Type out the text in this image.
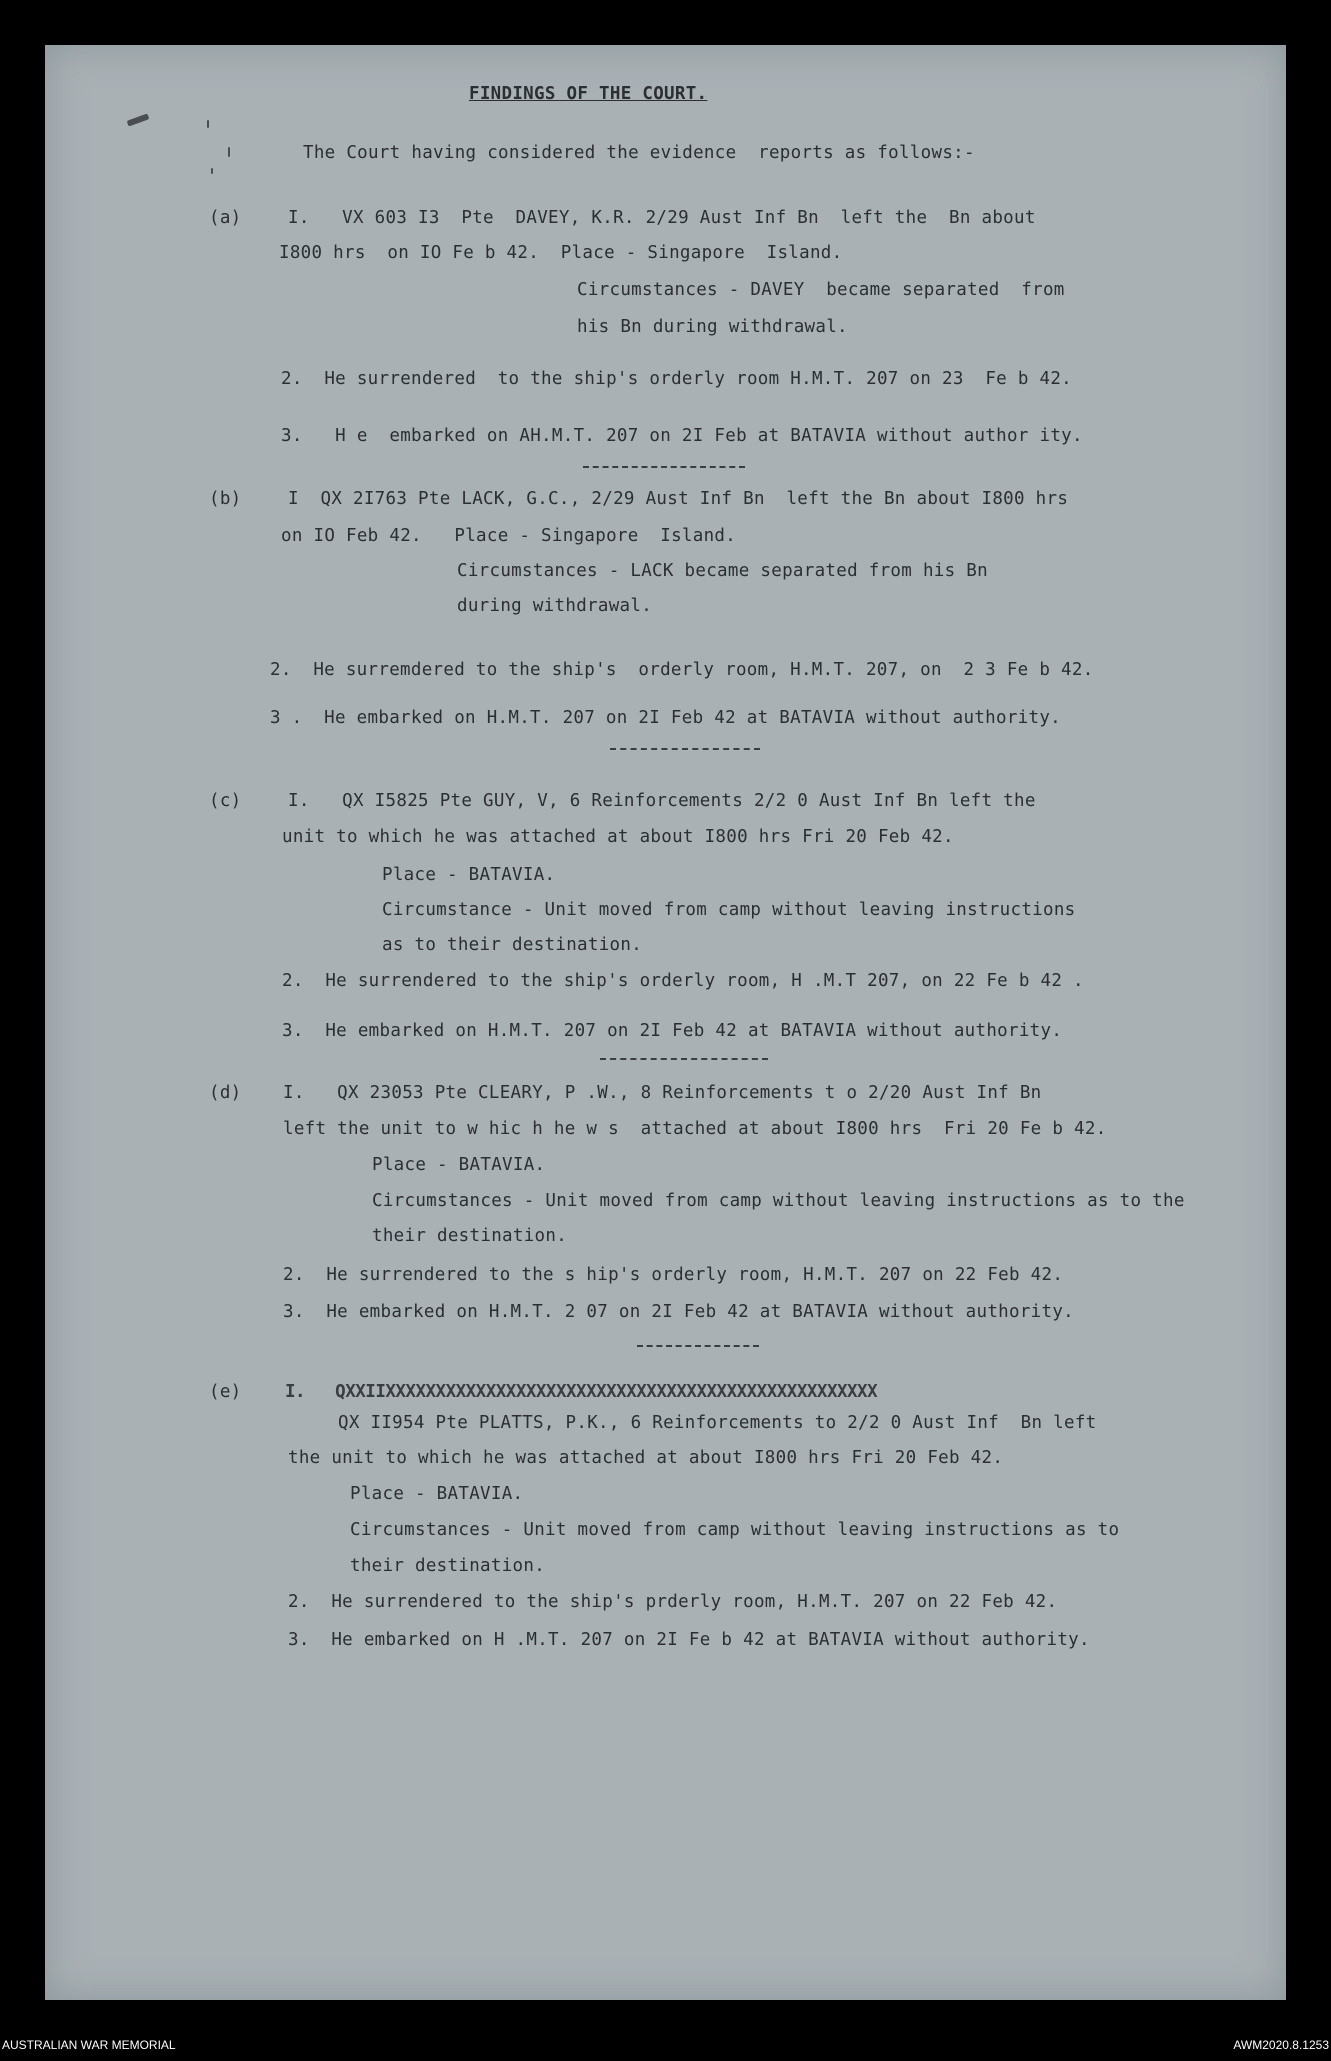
FINDINGS OF THE COURT.
The Court having considered the evidence  reports as follows:-
(a)	I.   VX 603 I3  Pte  DAVEY, K.R. 2/29 Aust Inf Bn  left the  Bn about
I800 hrs  on IO Fe b 42.  Place - Singapore  Island.
Circumstances - DAVEY  became separated  from
his Bn during withdrawal.
2.  He surrendered  to the ship's orderly room H.M.T. 207 on 23  Fe b 42.
3.   H e  embarked on AH.M.T. 207 on 2I Feb at BATAVIA without author ity.
(b)	I  QX 2I763 Pte LACK, G.C., 2/29 Aust Inf Bn  left the Bn about I800 hrs
on IO Feb 42.   Place - Singapore  Island.
Circumstances - LACK became separated from his Bn
during withdrawal.
2.  He surremdered to the ship's  orderly room, H.M.T. 207, on  2 3 Fe b 42.
3 .  He embarked on H.M.T. 207 on 2I Feb 42 at BATAVIA without authority.
(c)	I.   QX I5825 Pte GUY, V, 6 Reinforcements 2/2 0 Aust Inf Bn left the
unit to which he was attached at about I800 hrs Fri 20 Feb 42.
Place - BATAVIA.
Circumstance - Unit moved from camp without leaving instructions
as to their destination.
2.  He surrendered to the ship's orderly room, H .M.T 207, on 22 Fe b 42 .
3.  He embarked on H.M.T. 207 on 2I Feb 42 at BATAVIA without authority.
(d) I.   QX 23053 Pte CLEARY, P .W., 8 Reinforcements t o 2/20 Aust Inf Bn
left the unit to w hic h he w s  attached at about I800 hrs  Fri 20 Fe b 42.
Place - BATAVIA.
Circumstances - Unit moved from camp without leaving instructions as to the
their destination.
2.  He surrendered to the s hip's orderly room, H.M.T. 207 on 22 Feb 42.
3.  He embarked on H.M.T. 2 07 on 2I Feb 42 at BATAVIA without authority.
(e) I.   QXXIIXXXXXXXXXXXXXXXXXXXXXXXXXXXXXXXXXXXXXXXXXXXXXXXXX
QX II954 Pte PLATTS, P.K., 6 Reinforcements to 2/2 0 Aust Inf  Bn left
the unit to which he was attached at about I800 hrs Fri 20 Feb 42.
Place - BATAVIA.
Circumstances - Unit moved from camp without leaving instructions as to
their destination.
2.  He surrendered to the ship's prderly room, H.M.T. 207 on 22 Feb 42.
3.  He embarked on H .M.T. 207 on 2I Fe b 42 at BATAVIA without authority.
AUSTRALIAN WAR MEMORIAL	AWM2020.8.1253
